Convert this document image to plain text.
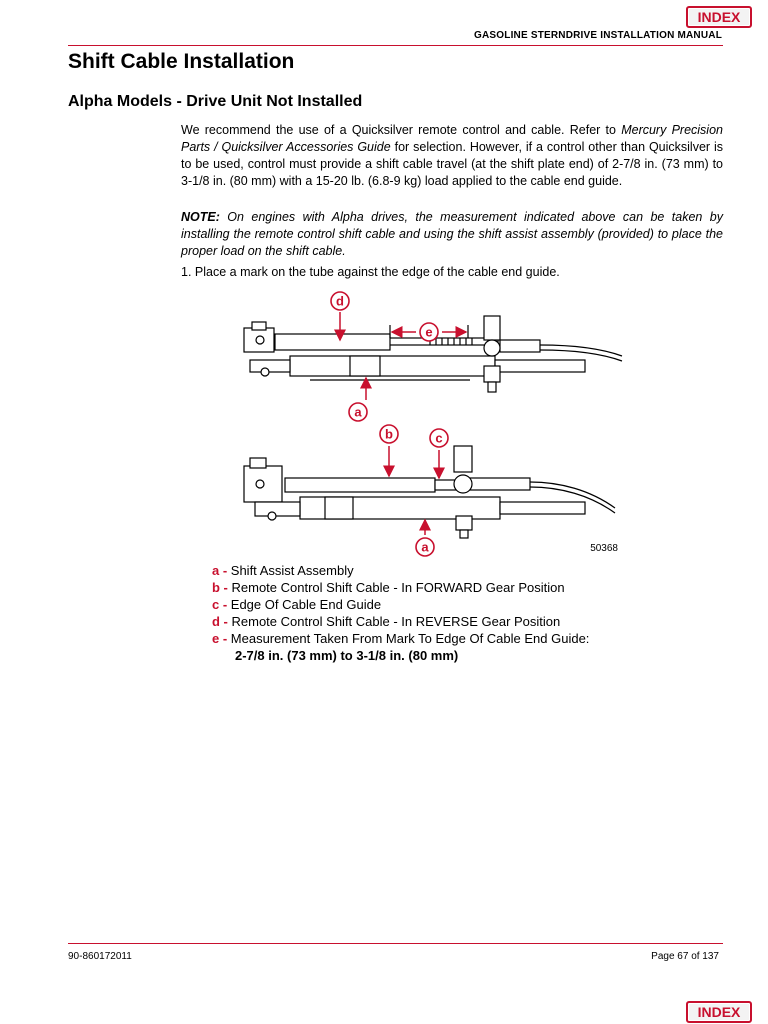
INDEX
GASOLINE STERNDRIVE INSTALLATION MANUAL
Shift Cable Installation
Alpha Models - Drive Unit Not Installed
We recommend the use of a Quicksilver remote control and cable. Refer to Mercury Precision Parts / Quicksilver Accessories Guide for selection. However, if a control other than Quicksilver is to be used, control must provide a shift cable travel (at the shift plate end) of 2-7/8 in. (73 mm) to 3-1/8 in. (80 mm) with a 15-20 lb. (6.8-9 kg) load applied to the cable end guide.
NOTE: On engines with Alpha drives, the measurement indicated above can be taken by installing the remote control shift cable and using the shift assist assembly (provided) to place the proper load on the shift cable.
1. Place a mark on the tube against the edge of the cable end guide.
d
e
a
b	c
a	50368
a - Shift Assist Assembly
b - Remote Control Shift Cable - In FORWARD Gear Position
c - Edge Of Cable End Guide
d - Remote Control Shift Cable - In REVERSE Gear Position
e - Measurement Taken From Mark To Edge Of Cable End Guide:
2-7/8 in. (73 mm) to 3-1/8 in. (80 mm)
90-860172011	Page 67 of 137
INDEX
